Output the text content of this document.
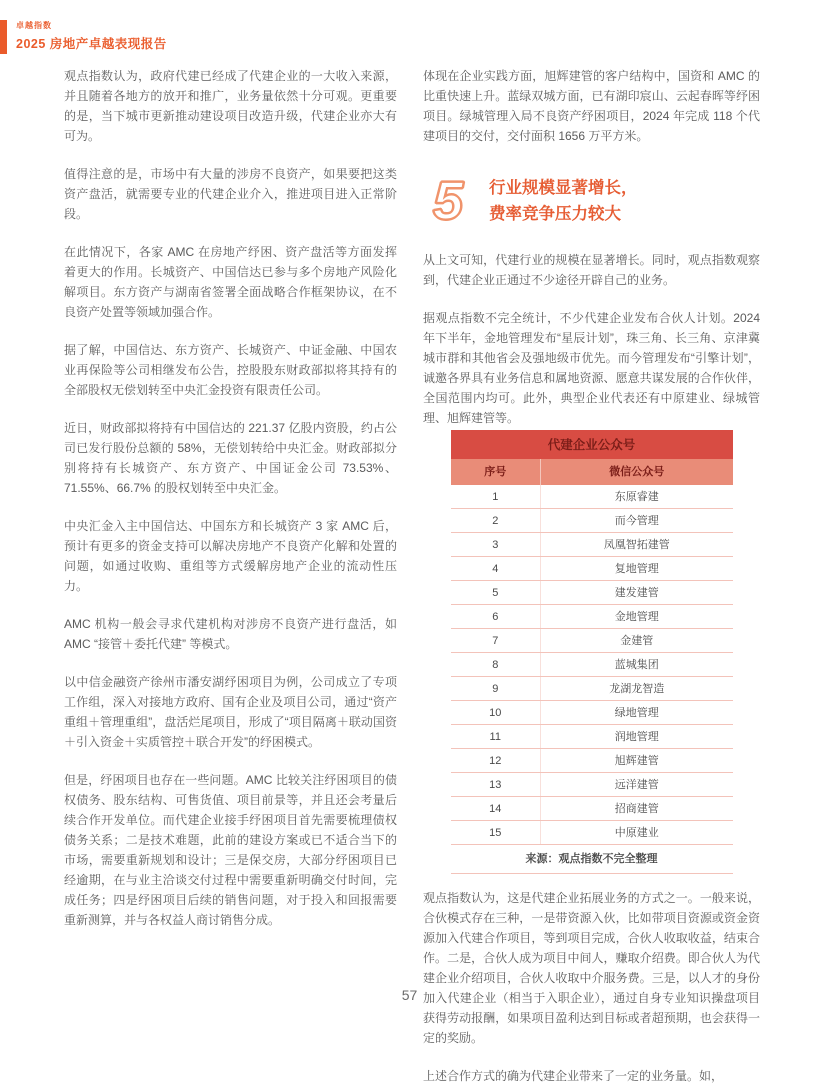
卓越指数
2025 房地产卓越表现报告

观点指数认为，政府代建已经成了代建企业的一大收入来源，并且随着各地方的放开和推广，业务量依然十分可观。更重要的是，当下城市更新推动建设项目改造升级，代建企业亦大有可为。

值得注意的是，市场中有大量的涉房不良资产，如果要把这类资产盘活，就需要专业的代建企业介入，推进项目进入正常阶段。

在此情况下，各家 AMC 在房地产纾困、资产盘活等方面发挥着更大的作用。长城资产、中国信达已参与多个房地产风险化解项目。东方资产与湖南省签署全面战略合作框架协议，在不良资产处置等领域加强合作。

据了解，中国信达、东方资产、长城资产、中证金融、中国农业再保险等公司相继发布公告，控股股东财政部拟将其持有的全部股权无偿划转至中央汇金投资有限责任公司。

近日，财政部拟将持有中国信达的 221.37 亿股内资股，约占公司已发行股份总额的 58%，无偿划转给中央汇金。财政部拟分别将持有长城资产、东方资产、中国证金公司 73.53%、71.55%、66.7% 的股权划转至中央汇金。

中央汇金入主中国信达、中国东方和长城资产 3 家 AMC 后，预计有更多的资金支持可以解决房地产不良资产化解和处置的问题，如通过收购、重组等方式缓解房地产企业的流动性压力。

AMC 机构一般会寻求代建机构对涉房不良资产进行盘活，如 AMC “接管＋委托代建” 等模式。

以中信金融资产徐州市潘安湖纾困项目为例，公司成立了专项工作组，深入对接地方政府、国有企业及项目公司，通过“资产重组＋管理重组”，盘活烂尾项目，形成了“项目隔离＋联动国资＋引入资金＋实质管控＋联合开发”的纾困模式。

但是，纾困项目也存在一些问题。AMC 比较关注纾困项目的债权债务、股东结构、可售货值、项目前景等，并且还会考量后续合作开发单位。而代建企业接手纾困项目首先需要梳理债权债务关系；二是技术难题，此前的建设方案或已不适合当下的市场，需要重新规划和设计；三是保交房，大部分纾困项目已经逾期，在与业主洽谈交付过程中需要重新明确交付时间，完成任务；四是纾困项目后续的销售问题，对于投入和回报需要重新测算，并与各权益人商讨销售分成。

体现在企业实践方面，旭辉建管的客户结构中，国资和 AMC 的比重快速上升。蓝绿双城方面，已有湖印宸山、云起春晖等纾困项目。绿城管理入局不良资产纾困项目，2024 年完成 118 个代建项目的交付，交付面积 1656 万平方米。

5	行业规模显著增长，
费率竞争压力较大

从上文可知，代建行业的规模在显著增长。同时，观点指数观察到，代建企业正通过不少途径开辟自己的业务。

据观点指数不完全统计，不少代建企业发布合伙人计划。2024 年下半年，金地管理发布“星辰计划”，珠三角、长三角、京津冀城市群和其他省会及强地级市优先。而今管理发布“引擎计划”，诚邀各界具有业务信息和属地资源、愿意共谋发展的合作伙伴，全国范围内均可。此外，典型企业代表还有中原建业、绿城管理、旭辉建管等。

代建企业公众号	
序号	微信公众号
1	东原睿建
2	而今管理
3	凤凰智拓建管
4	复地管理
5	建发建管
6	金地管理
7	金建管
8	蓝城集团
9	龙湖龙智造
10	绿地管理
11	润地管理
12	旭辉建管
13	远洋建管
14	招商建管
15	中原建业
来源：观点指数不完全整理	

观点指数认为，这是代建企业拓展业务的方式之一。一般来说，合伙模式存在三种，一是带资源入伙，比如带项目资源或资金资源加入代建合作项目，等到项目完成，合伙人收取收益，结束合作。二是，合伙人成为项目中间人，赚取介绍费。即合伙人为代建企业介绍项目，合伙人收取中介服务费。三是，以人才的身份加入代建企业（相当于入职企业），通过自身专业知识操盘项目获得劳动报酬，如果项目盈利达到目标或者超预期，也会获得一定的奖励。

上述合作方式的确为代建企业带来了一定的业务量。如，

57
